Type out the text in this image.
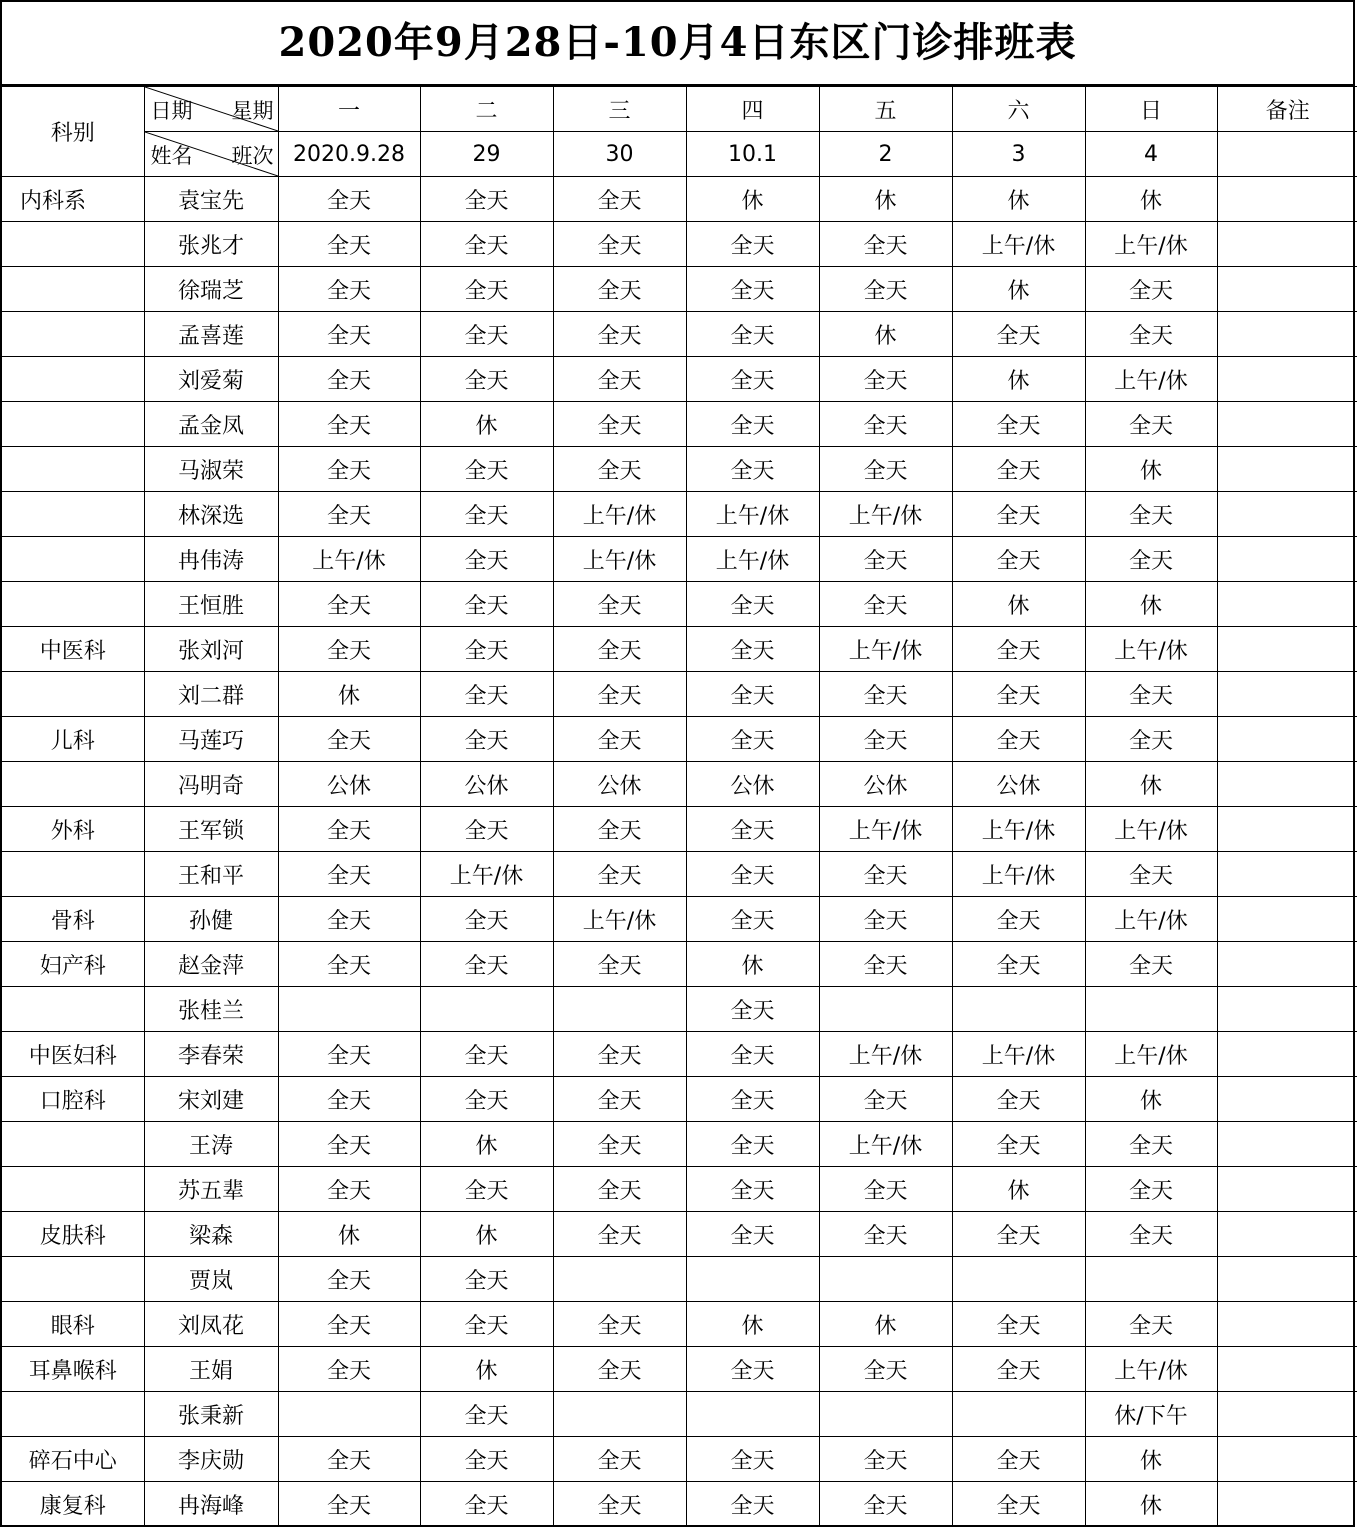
2020年9月28日-10月4日东区门诊排班表
科别	日期 星期	一	二	三	四	五	六	日	备注

	姓名 班次	2020.9.28	29	30	10.1	2	3	4	
内科系	袁宝先	全天	全天	全天	休	休	休	休	
	张兆才	全天	全天	全天	全天	全天	上午/休	上午/休	
	徐瑞芝	全天	全天	全天	全天	全天	休	全天	
	孟喜莲	全天	全天	全天	全天	休	全天	全天	
	刘爱菊	全天	全天	全天	全天	全天	休	上午/休	
	孟金凤	全天	休	全天	全天	全天	全天	全天	
	马淑荣	全天	全天	全天	全天	全天	全天	休	
	林深选	全天	全天	上午/休	上午/休	上午/休	全天	全天	
	冉伟涛	上午/休	全天	上午/休	上午/休	全天	全天	全天	
	王恒胜	全天	全天	全天	全天	全天	休	休	
中医科	张刘河	全天	全天	全天	全天	上午/休	全天	上午/休	
	刘二群	休	全天	全天	全天	全天	全天	全天	
儿科	马莲巧	全天	全天	全天	全天	全天	全天	全天	
	冯明奇	公休	公休	公休	公休	公休	公休	休	
外科	王军锁	全天	全天	全天	全天	上午/休	上午/休	上午/休	
	王和平	全天	上午/休	全天	全天	全天	上午/休	全天	
骨科	孙健	全天	全天	上午/休	全天	全天	全天	上午/休	
妇产科	赵金萍	全天	全天	全天	休	全天	全天	全天	
	张桂兰				全天				
中医妇科	李春荣	全天	全天	全天	全天	上午/休	上午/休	上午/休	
口腔科	宋刘建	全天	全天	全天	全天	全天	全天	休	
	王涛	全天	休	全天	全天	上午/休	全天	全天	
	苏五辈	全天	全天	全天	全天	全天	休	全天	
皮肤科	梁森	休	休	全天	全天	全天	全天	全天	
	贾岚	全天	全天						
眼科	刘凤花	全天	全天	全天	休	休	全天	全天	
耳鼻喉科	王娟	全天	休	全天	全天	全天	全天	上午/休	
	张秉新		全天					休/下午	
碎石中心	李庆勋	全天	全天	全天	全天	全天	全天	休	
康复科	冉海峰	全天	全天	全天	全天	全天	全天	休	
